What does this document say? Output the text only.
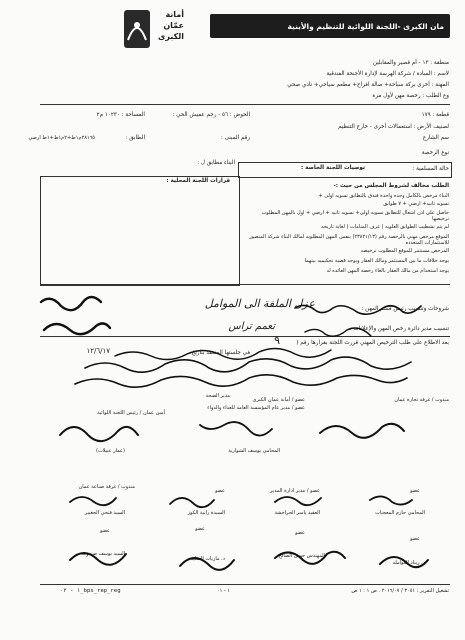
مان الكبرى -اللجنة اللوائية للتنظيم والأبنية
أمانة
عمّان
الكبرى
منطقة : ١٣ - أم قصير والمقابلين
لاسم : السادة / شركة الهرسة لإدارة الأجنحة الفندقية
المهنة : أخرى بركة سباحة+ صالة افراح+ مطعم سياحي+ نادي صحي
وع الطلب : رخصة مهن لأول مرة
قطعة : ١٧٩
الحوض : ٥٦ - رجم عميش الحي :
المساحة : ١٠٢٣٠ م٢
لصنيف الأرض : استعمالات أخرى - خارج التنظيم
سم الشارع
رقم المبنى :
الطابق :
٢٨١٦٥م١ط+٢م١ط+١ط ارضي
نوع الرخصة
البناء مطابق ل :
حالة المسلمية :
توصيات اللجنة الخاصة :
قرارات اللجنة المحلية :
الطلب مخالف لشروط المجلس من حيث :-
البناء مرخص بالكامل وحده واحدة فندق بالتطابق تسويه اولى +
تسويه ثانيه+ ارضي + ٧ طوابق
حاصل على اذن اشغال للتطابق تسويه اولى+ تسويه ثانيه + ارضي + اول بالمهن المطلوب ترخيصها
لم يتم تشطيب الطوابق العلويه ( غرف المنامات ) لغاية تاريخه
الموقع مرخص مهني بالرخصة رقم (٢٣٨٢١/١٣) بنفس المهن المطلوبه لمالك البناء شركة المنصور للاستثمارات المتعدده
المرخص مستثمر للموقع المطلوب ترخيصه
يوجد خلافات ما بين المستثمر ومالك العقار ويوجد قضية تحكيميه بينهما
يوجد استخدام من مالك العقار بالغاء رخصة المهن العائده له
شروحات وتنسيب رئيس قسم المهن :
عزل الملفة الى الموامل
تعمم تراس	تنسيب مدير دائرة رخص المهن والإعلانات :
بعد الاطلاع على طلب الترخيص المهني قررت اللجنة بقرارها رقم (
في جلستها المنعقد بتاريخ
٩
١٢/٦/١٧
مندوب / غرفة تجارة عمان
عضو / أمانة عمان الكبرى
أمين عمان / رئيس اللجنة اللوائية
عضو / مدير عام المؤسسة العامة للغذاء والدواء
مدير الصحة
المحامي يوسف الشواربة
(عمار عبيلات)
عضو
عضو / مدير ادارة المدير
عضو
مندوب / غرفة صناعة عمان
المحامي حازم المعجنات
العقيد ياسر الحراحشة
السيدة رانية الكوز
السيد فتحي الجغبير
عضو
عضو
عضو
عضو
د. ريناد العوامله
المهندس حسن الصالح
د. ماريات السليه
السيد يوسف صندوقه
تشغيل التقرير : ٣٠٥١ / ٢٠١٦/٠٧ . ص ١ : ١ ص
١ - ٠١
١ - ٠٢_bps_rep_reg
